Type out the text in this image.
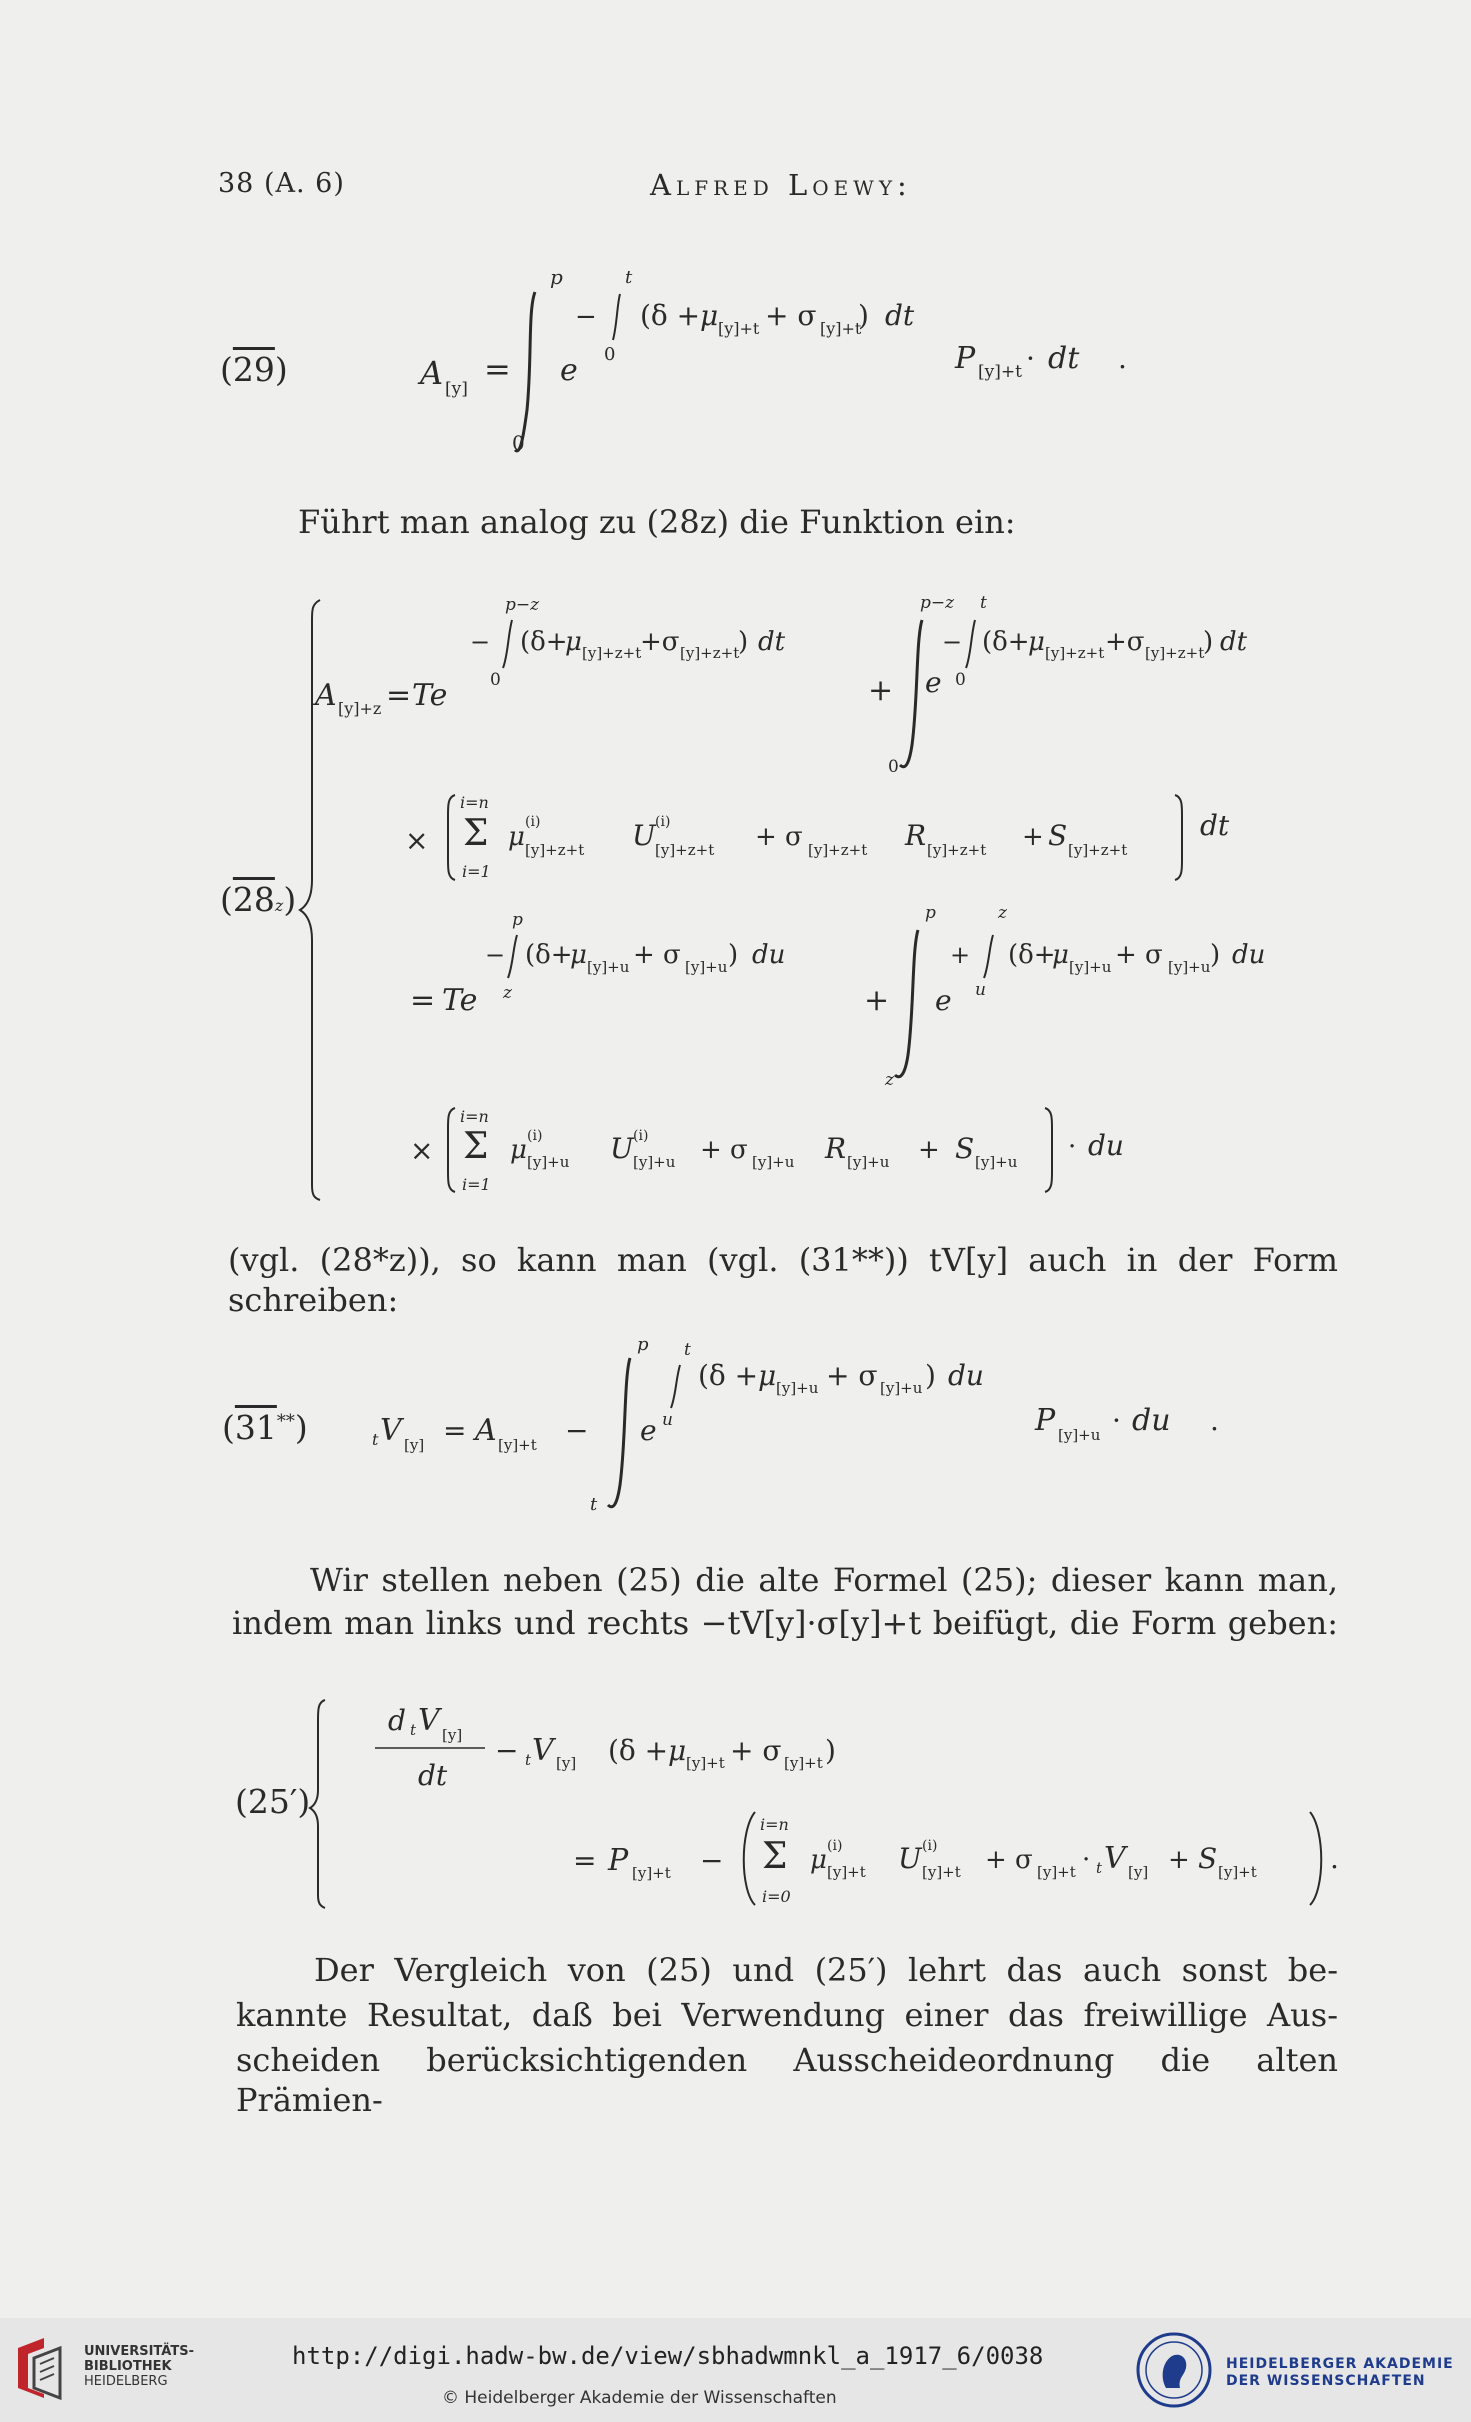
38 (A. 6)	Alfred Loewy:
(29)	A [y]
=
p
0
e
−
t
0
(δ + μ [y]+t + σ [y]+t
) dt
P [y]+t · dt .
Führt man analog zu (28z) die Funktion ein:
(28z)
A [y]+z = Te
−
p−z
0
(δ+
μ [y]+z+t
+σ [y]+z+t
) dt
+
p−z t
0
e
−
0
(δ+
μ [y]+z+t +σ [y]+z+t
) dt
×
i=n
Σ
i=1
μ (i)
[y]+z+t U (i)
[y]+z+t + σ [y]+z+t R [y]+z+t + S [y]+z+t
dt
= Te
−
p
z
(δ+
μ [y]+u + σ [y]+u ) du
+
p	z
z
e
+
u
(δ+
μ [y]+u + σ [y]+u ) du
×
i=n
Σ
i=1
μ (i)
[y]+u U (i)
[y]+u + σ [y]+u R [y]+u + S [y]+u · du
(vgl. (28*z)), so kann man (vgl. (31**)) tV[y] auch in der Form schreiben:
(31**)	t V [y] = A [y]+t −
p
t
e
t
u
(δ + μ [y]+u + σ [y]+u ) du
P [y]+u · du .
Wir stellen neben (25) die alte Formel (25); dieser kann man,
indem man links und rechts −tV[y]·σ[y]+t beifügt, die Form geben:
(25′)
d t V [y]
dt
− t V [y] (δ + μ [y]+t + σ [y]+t )
= P [y]+t −
i=n
Σ
i=0
μ (i)
[y]+t U (i)
[y]+t + σ [y]+t · t V [y] + S [y]+t	.
Der Vergleich von (25) und (25′) lehrt das auch sonst be-
kannte Resultat, daß bei Verwendung einer das freiwillige Aus-
scheiden berücksichtigenden Ausscheideordnung die alten Prämien-
UNIVERSITÄTS-
BIBLIOTHEK
HEIDELBERG
http://digi.hadw-bw.de/view/sbhadwmnkl_a_1917_6/0038
© Heidelberger Akademie der Wissenschaften
HEIDELBERGER AKADEMIE
DER WISSENSCHAFTEN
